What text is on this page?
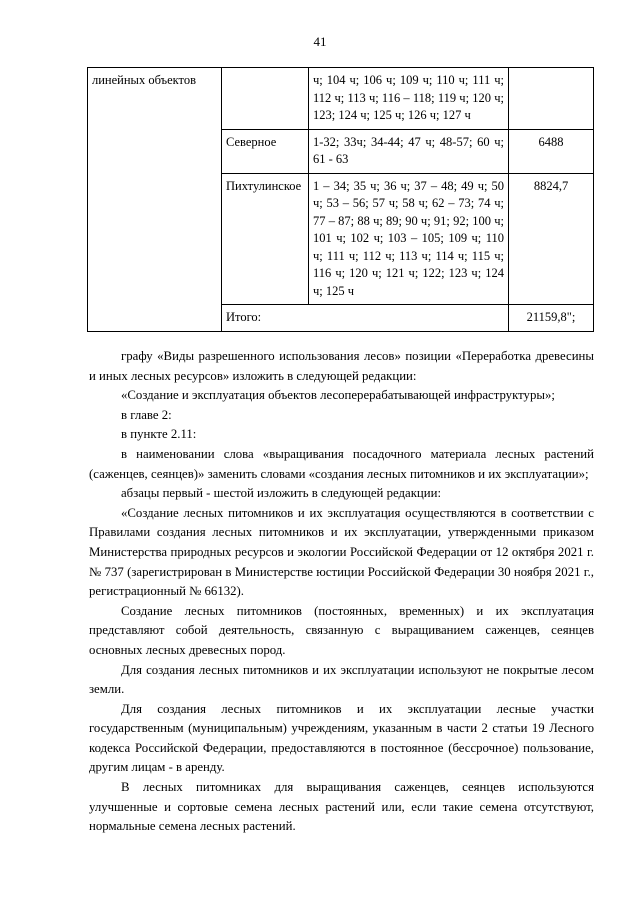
41
линейных объектов		ч; 104 ч; 106 ч; 109 ч; 110 ч; 111 ч; 112 ч; 113 ч; 116 – 118; 119 ч; 120 ч; 123; 124 ч; 125 ч; 126 ч; 127 ч	
	Северное	1-32; 33ч; 34-44; 47 ч; 48-57; 60 ч; 61 - 63	6488
	Пихтулинское	1 – 34; 35 ч; 36 ч; 37 – 48; 49 ч; 50 ч; 53 – 56; 57 ч; 58 ч; 62 – 73; 74 ч; 77 – 87; 88 ч; 89; 90 ч; 91; 92; 100 ч; 101 ч; 102 ч; 103 – 105; 109 ч; 110 ч; 111 ч; 112 ч; 113 ч; 114 ч; 115 ч; 116 ч; 120 ч; 121 ч; 122; 123 ч; 124 ч; 125 ч	8824,7
	Итого:		21159,8";

графу «Виды разрешенного использования лесов» позиции «Переработка древесины и иных лесных ресурсов» изложить в следующей редакции:

«Создание и эксплуатация объектов лесоперерабатывающей инфраструктуры»;

в главе 2:

в пункте 2.11:

в наименовании слова «выращивания посадочного материала лесных растений (саженцев, сеянцев)» заменить словами «создания лесных питомников и их эксплуатации»;

абзацы первый - шестой изложить в следующей редакции:

«Создание лесных питомников и их эксплуатация осуществляются в соответствии с Правилами создания лесных питомников и их эксплуатации, утвержденными приказом Министерства природных ресурсов и экологии Российской Федерации от 12 октября 2021 г. № 737 (зарегистрирован в Министерстве юстиции Российской Федерации 30 ноября 2021 г., регистрационный № 66132).

Создание лесных питомников (постоянных, временных) и их эксплуатация представляют собой деятельность, связанную с выращиванием саженцев, сеянцев основных лесных древесных пород.

Для создания лесных питомников и их эксплуатации используют не покрытые лесом земли.

Для создания лесных питомников и их эксплуатации лесные участки государственным (муниципальным) учреждениям, указанным в части 2 статьи 19 Лесного кодекса Российской Федерации, предоставляются в постоянное (бессрочное) пользование, другим лицам - в аренду.

В лесных питомниках для выращивания саженцев, сеянцев используются улучшенные и сортовые семена лесных растений или, если такие семена отсутствуют, нормальные семена лесных растений.
